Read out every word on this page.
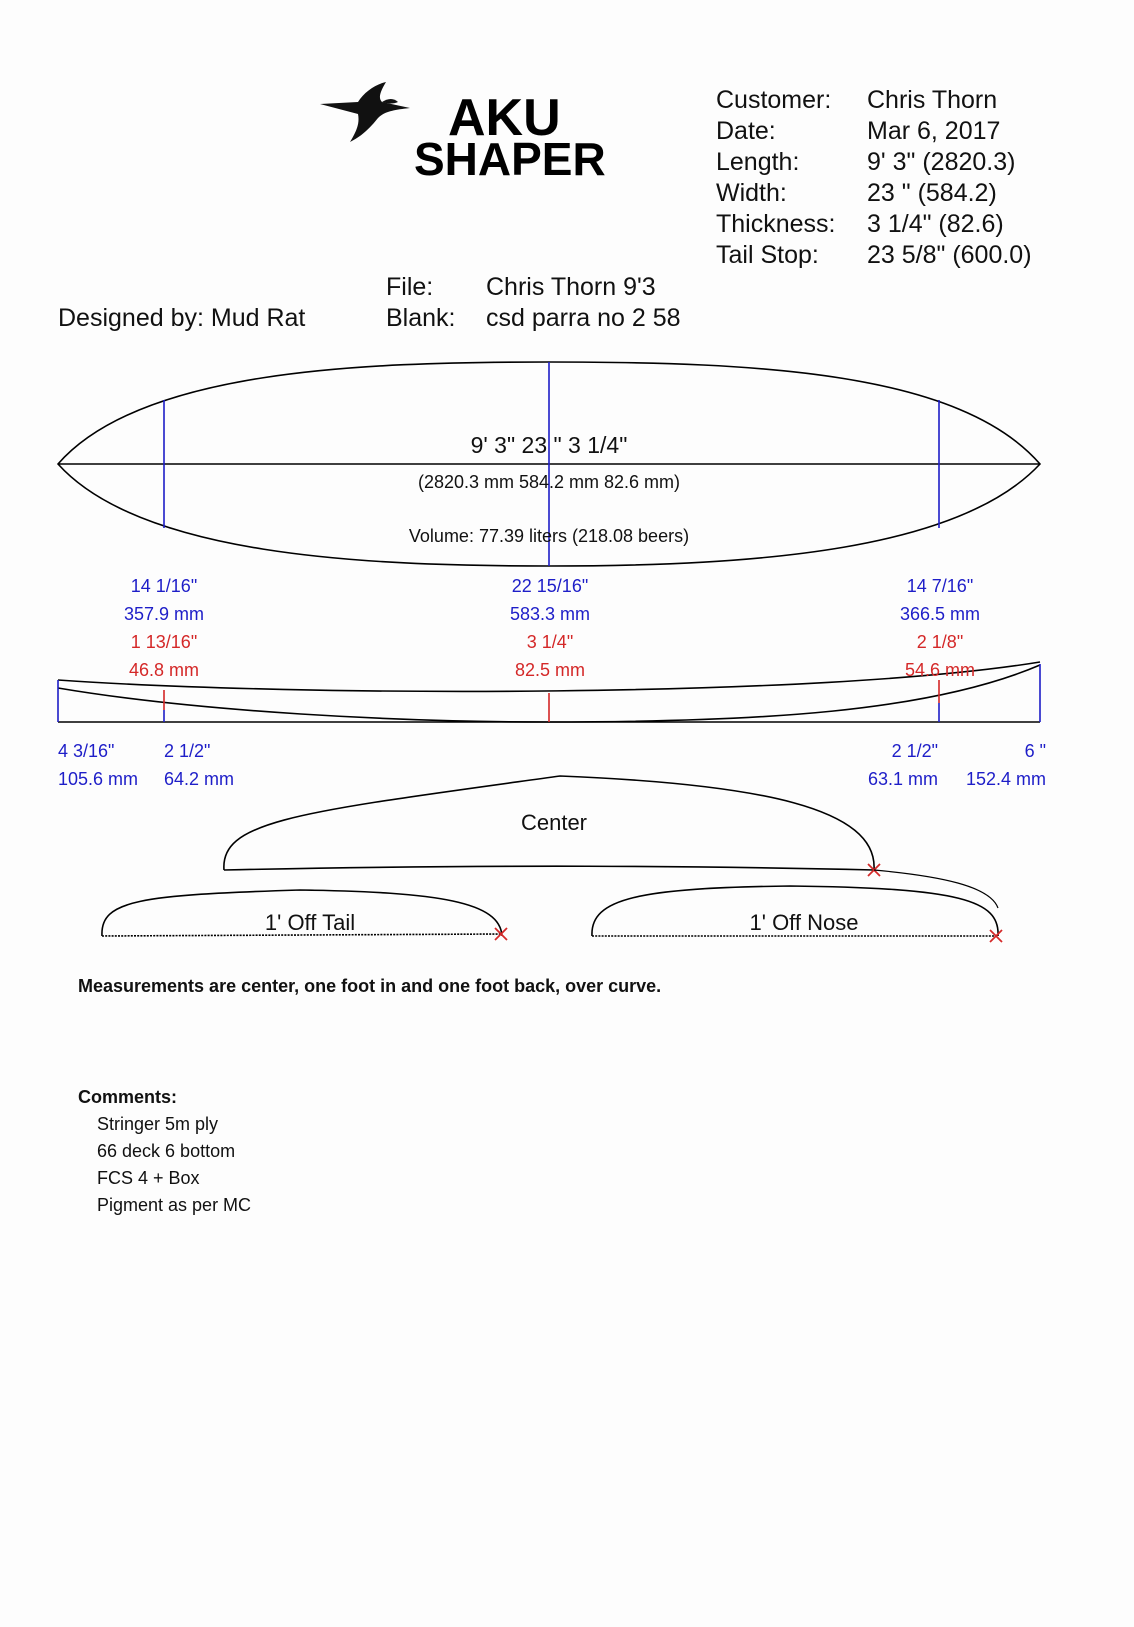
AKU
SHAPER
Customer:	Chris Thorn
Date:	Mar 6, 2017
Length:	9' 3" (2820.3)
Width:	23 " (584.2)
Thickness:	3 1/4" (82.6)
Tail Stop:	23 5/8" (600.0)
File:	Chris Thorn 9'3
Blank:	csd parra no 2 58
Designed by: Mud Rat
9' 3" 23 " 3 1/4"
(2820.3 mm 584.2 mm 82.6 mm)
Volume: 77.39 liters (218.08 beers)
14 1/16"
357.9 mm
1 13/16"
46.8 mm
22 15/16"
583.3 mm
3 1/4"
82.5 mm
14 7/16"
366.5 mm
2 1/8"
54.6 mm
4 3/16"
105.6 mm
2 1/2"
64.2 mm
2 1/2"
63.1 mm
6 "
152.4 mm
Center
1' Off Tail	1' Off Nose
Measurements are center, one foot in and one foot back, over curve.
Comments:
Stringer 5m ply
66 deck 6 bottom
FCS 4 + Box
Pigment as per MC
